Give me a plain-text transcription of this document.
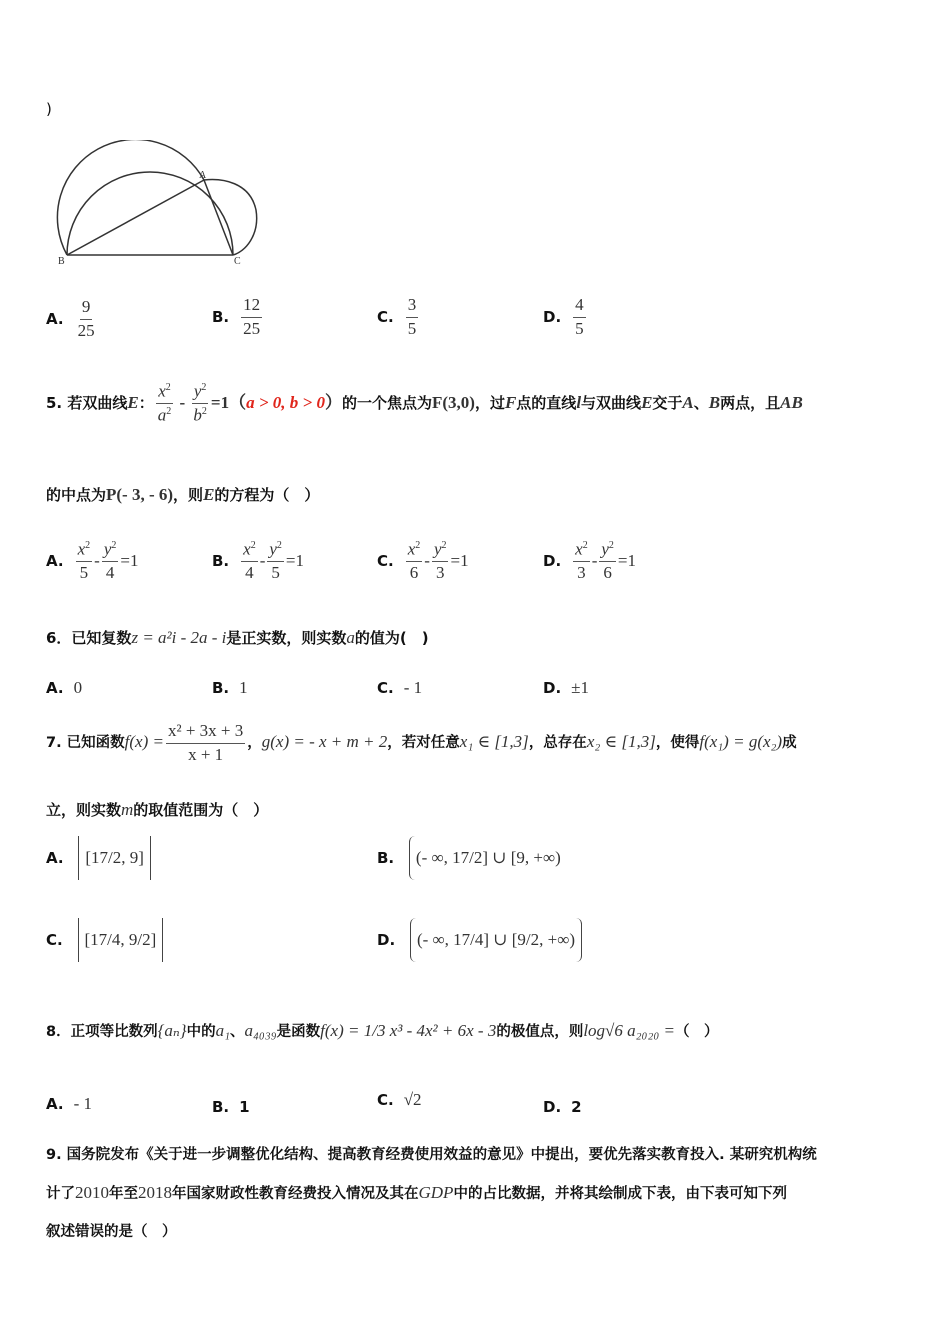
)
A
B	C
A. $\frac{9}{25}$	B. $\frac{12}{25}$	C. $\frac{3}{5}$	D. $\frac{4}{5}$
5. 若双曲线E： $\frac{x^2}{a^2} - \frac{y^2}{b^2} =1(a > 0$, b > 0）的一个焦点为F(3,0)，过F点的直线l与双曲线E交于A、B两点，且AB
的中点为P(- 3, - 6)，则E的方程为（　）
A. $\frac{x^2}{5} - \frac{y^2}{4} =1$	B. $\frac{x^2}{4} - \frac{y^2}{5} =1$	C. $\frac{x^2}{6} - \frac{y^2}{3} =1$	D. $\frac{x^2}{3} - \frac{y^2}{6} =1$
6．已知复数z = a²i - 2a - i是正实数，则实数a的值为(　)
A. 0	B. 1	C. - 1	D. ±1
7. 已知函数$f(x) = \frac{\text{x² + 3x + 3}}{x + 1}$ ，g(x) = - x + m + 2，若对任意x₁ ∈ [1,3]，总存在x₂ ∈ [1,3]，使得f(x₁) = g(x₂)成
立，则实数m的取值范围为（　）
A. [17/2, 9]	B. (- ∞, 17/2] ∪ [9, +∞)
C. [17/4, 9/2]	D. (- ∞, 17/4] ∪ [9/2, +∞)
8．正项等比数列{aₙ}中的a₁、a₄₀₃₉是函数f(x) = 1/3 x³ - 4x² + 6x - 3的极值点，则log√6 a₂₀₂₀ =（　）
A. - 1	B. 1	C. √2	D. 2
9. 国务院发布《关于进一步调整优化结构、提高教育经费使用效益的意见》中提出，要优先落实教育投入. 某研究机构统
计了2010年至2018年国家财政性教育经费投入情况及其在GDP中的占比数据，并将其绘制成下表，由下表可知下列
叙述错误的是（　）
